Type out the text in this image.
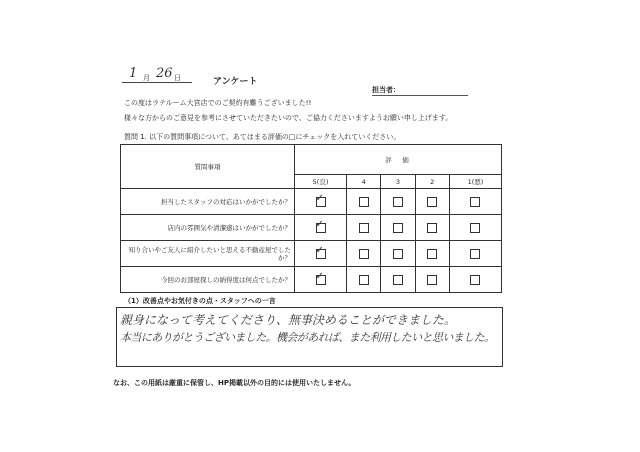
1 月 26 日	アンケート
担当者：
この度はラテルーム大宮店でのご契約有難うございました!!
様々な方からのご意見を参考にさせていただきたいので、ご協力くださいますようお願い申し上げます。
質問 1. 以下の質問事項について、あてはまる評価の□にチェックを入れていください。
質問事項	評　価				
	5(良)	4	3	2	1(悪)
担当したスタッフの対応はいかがでしたか？	✓				
店内の雰囲気や清潔感はいかがでしたか？	✓				
知り合いやご友人に紹介したいと思える不動産屋でしたか？	✓				
今回のお部屋探しの納得度は何点でしたか？	✓				
（1）改善点やお気付きの点・スタッフへの一言
親身になって考えてくださり、無事決めることができました。
本当にありがとうございました。機会があれば、また利用したいと思いました。
なお、この用紙は厳重に保管し、HP掲載以外の目的には使用いたしません。
